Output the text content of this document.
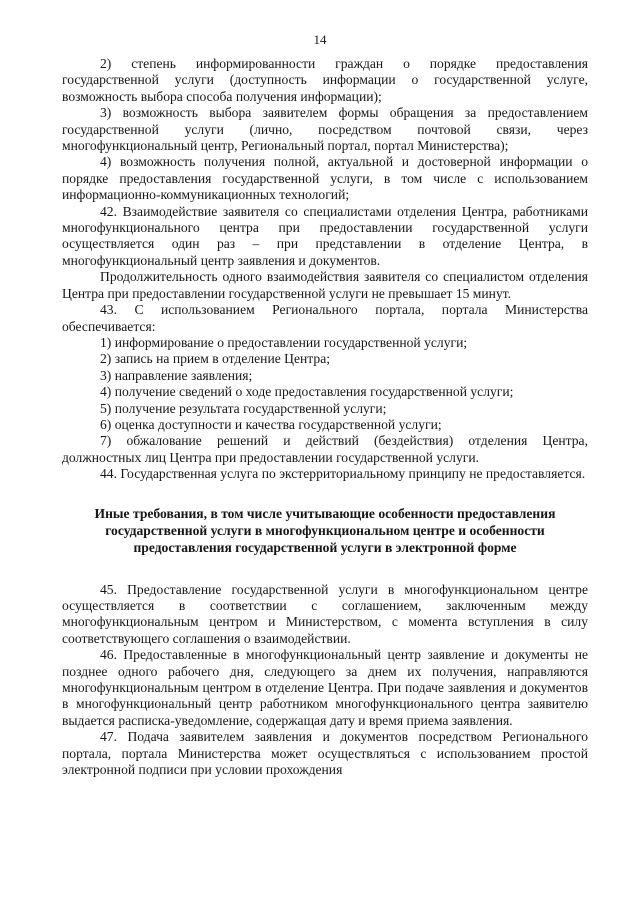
14

2) степень информированности граждан о порядке предоставления государственной услуги (доступность информации о государственной услуге, возможность выбора способа получения информации);

3) возможность выбора заявителем формы обращения за предоставлением государственной услуги (лично, посредством почтовой связи, через многофункциональный центр, Региональный портал, портал Министерства);

4) возможность получения полной, актуальной и достоверной информации о порядке предоставления государственной услуги, в том числе с использованием информационно-коммуникационных технологий;

42. Взаимодействие заявителя со специалистами отделения Центра, работниками многофункционального центра при предоставлении государственной услуги осуществляется один раз – при представлении в отделение Центра, в многофункциональный центр заявления и документов.

Продолжительность одного взаимодействия заявителя со специалистом отделения Центра при предоставлении государственной услуги не превышает 15 минут.

43. С использованием Регионального портала, портала Министерства обеспечивается:

1) информирование о предоставлении государственной услуги;

2) запись на прием в отделение Центра;

3) направление заявления;

4) получение сведений о ходе предоставления государственной услуги;

5) получение результата государственной услуги;

6) оценка доступности и качества государственной услуги;

7) обжалование решений и действий (бездействия) отделения Центра, должностных лиц Центра при предоставлении государственной услуги.

44. Государственная услуга по экстерриториальному принципу не предоставляется.

Иные требования, в том числе учитывающие особенности предоставления государственной услуги в многофункциональном центре и особенности предоставления государственной услуги в электронной форме

45. Предоставление государственной услуги в многофункциональном центре осуществляется в соответствии с соглашением, заключенным между многофункциональным центром и Министерством, с момента вступления в силу соответствующего соглашения о взаимодействии.

46. Предоставленные в многофункциональный центр заявление и документы не позднее одного рабочего дня, следующего за днем их получения, направляются многофункциональным центром в отделение Центра. При подаче заявления и документов в многофункциональный центр работником многофункционального центра заявителю выдается расписка-уведомление, содержащая дату и время приема заявления.

47. Подача заявителем заявления и документов посредством Регионального портала, портала Министерства может осуществляться с использованием простой электронной подписи при условии прохождения
